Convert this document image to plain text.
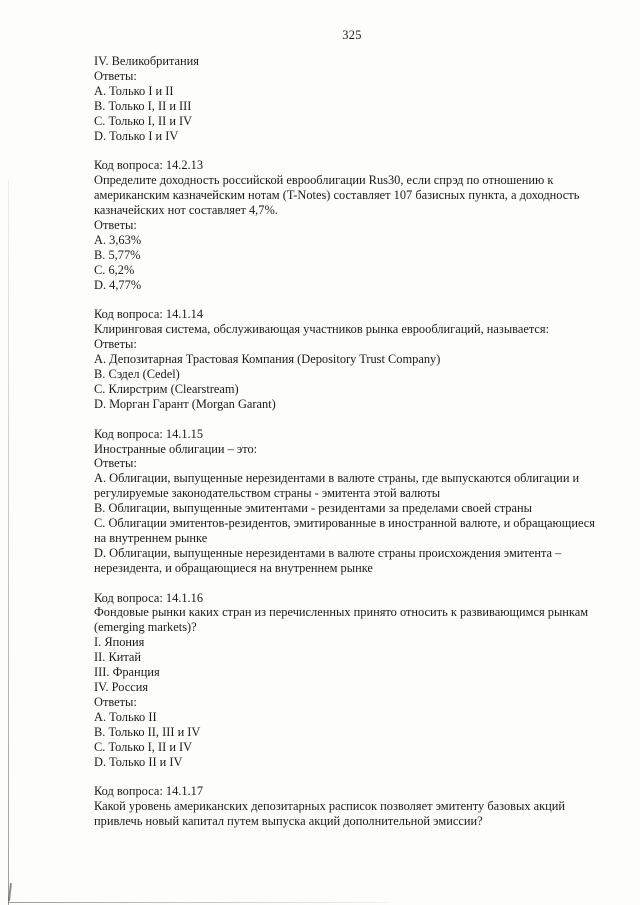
325
IV. Великобритания
Ответы:
A. Только I и II
B. Только I, II и III
C. Только I, II и IV
D. Только I и IV
Код вопроса: 14.2.13
Определите доходность российской еврооблигации Rus30, если спрэд по отношению к
американским казначейским нотам (T-Notes) составляет 107 базисных пункта, а доходность
казначейских нот составляет 4,7%.
Ответы:
A. 3,63%
B. 5,77%
C. 6,2%
D. 4,77%
Код вопроса: 14.1.14
Клиринговая система, обслуживающая участников рынка еврооблигаций, называется:
Ответы:
A. Депозитарная Трастовая Компания (Depository Trust Company)
B. Сэдел (Cedel)
C. Клирстрим (Clearstream)
D. Морган Гарант (Morgan Garant)
Код вопроса: 14.1.15
Иностранные облигации – это:
Ответы:
A. Облигации, выпущенные нерезидентами в валюте страны, где выпускаются облигации и
регулируемые законодательством страны - эмитента этой валюты
B. Облигации, выпущенные эмитентами - резидентами за пределами своей страны
C. Облигации эмитентов-резидентов, эмитированные в иностранной валюте, и обращающиеся
на внутреннем рынке
D. Облигации, выпущенные нерезидентами в валюте страны происхождения эмитента –
нерезидента, и обращающиеся на внутреннем рынке
Код вопроса: 14.1.16
Фондовые рынки каких стран из перечисленных принято относить к развивающимся рынкам
(emerging markets)?
I. Япония
II. Китай
III. Франция
IV. Россия
Ответы:
A. Только II
B. Только II, III и IV
C. Только I, II и IV
D. Только II и IV
Код вопроса: 14.1.17
Какой уровень американских депозитарных расписок позволяет эмитенту базовых акций
привлечь новый капитал путем выпуска акций дополнительной эмиссии?
